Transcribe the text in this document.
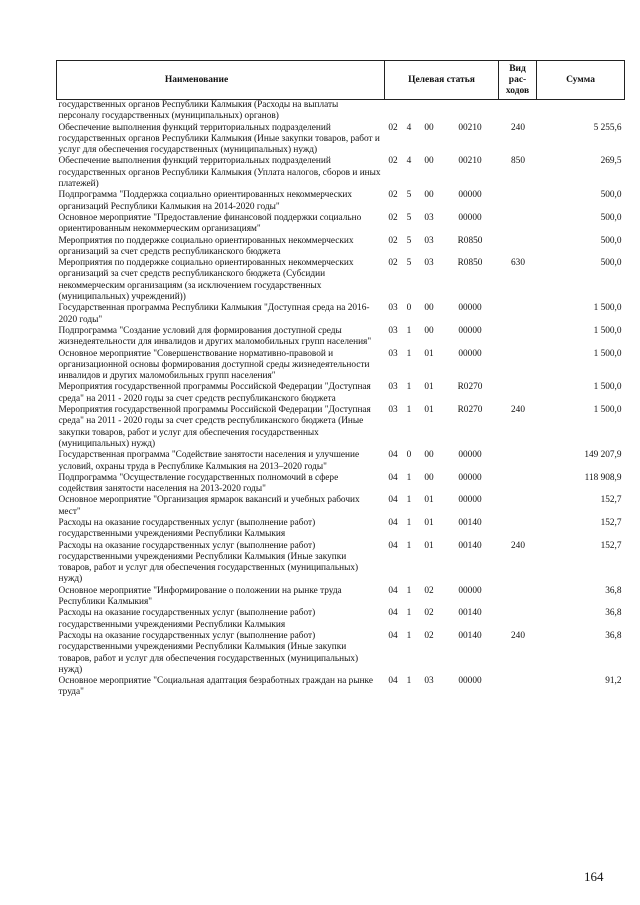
Наименование	Целевая статья				Вид рас-ходов	Сумма
государственных органов Республики Калмыкия (Расходы на выплаты персоналу государственных (муниципальных) органов)						
Обеспечение выполнения функций территориальных подразделений государственных органов Республики Калмыкия (Иные закупки товаров, работ и услуг для обеспечения государственных (муниципальных) нужд)	02	4	00	00210	240	5 255,6
Обеспечение выполнения функций территориальных подразделений государственных органов Республики Калмыкия (Уплата налогов, сборов и иных платежей)	02	4	00	00210	850	269,5
Подпрограмма "Поддержка социально ориентированных некоммерческих организаций Республики Калмыкия на 2014-2020 годы"	02	5	00	00000		500,0
Основное мероприятие "Предоставление финансовой поддержки социально ориентированным некоммерческим организациям"	02	5	03	00000		500,0
Мероприятия по поддержке социально ориентированных некоммерческих организаций за счет средств республиканского бюджета	02	5	03	R0850		500,0
Мероприятия по поддержке социально ориентированных некоммерческих организаций за счет средств республиканского бюджета (Субсидии некоммерческим организациям (за исключением государственных (муниципальных) учреждений))	02	5	03	R0850	630	500,0
Государственная программа Республики Калмыкия "Доступная среда на 2016-2020 годы"	03	0	00	00000		1 500,0
Подпрограмма "Создание условий для формирования доступной среды жизнедеятельности для инвалидов и других маломобильных групп населения"	03	1	00	00000		1 500,0
Основное мероприятие "Совершенствование нормативно-правовой и организационной основы формирования доступной среды жизнедеятельности инвалидов и других маломобильных групп населения"	03	1	01	00000		1 500,0
Мероприятия государственной программы Российской Федерации "Доступная среда" на 2011 - 2020 годы за счет средств республиканского бюджета	03	1	01	R0270		1 500,0
Мероприятия государственной программы Российской Федерации "Доступная среда" на 2011 - 2020 годы за счет средств республиканского бюджета (Иные закупки товаров, работ и услуг для обеспечения государственных (муниципальных) нужд)	03	1	01	R0270	240	1 500,0
Государственная программа "Содействие занятости населения и улучшение условий, охраны труда в Республике Калмыкия на 2013–2020 годы"	04	0	00	00000		149 207,9
Подпрограмма "Осуществление государственных полномочий в сфере содействия занятости населения на 2013-2020 годы"	04	1	00	00000		118 908,9
Основное мероприятие "Организация ярмарок вакансий и учебных рабочих мест"	04	1	01	00000		152,7
Расходы на оказание государственных услуг (выполнение работ) государственными учреждениями Республики Калмыкия	04	1	01	00140		152,7
Расходы на оказание государственных услуг (выполнение работ) государственными учреждениями Республики Калмыкия (Иные закупки товаров, работ и услуг для обеспечения государственных (муниципальных) нужд)	04	1	01	00140	240	152,7
Основное мероприятие "Информирование о положении на рынке труда Республики Калмыкия"	04	1	02	00000		36,8
Расходы на оказание государственных услуг (выполнение работ) государственными учреждениями Республики Калмыкия	04	1	02	00140		36,8
Расходы на оказание государственных услуг (выполнение работ) государственными учреждениями Республики Калмыкия (Иные закупки товаров, работ и услуг для обеспечения государственных (муниципальных) нужд)	04	1	02	00140	240	36,8
Основное мероприятие "Социальная адаптация безработных граждан на рынке труда"	04	1	03	00000		91,2
164
